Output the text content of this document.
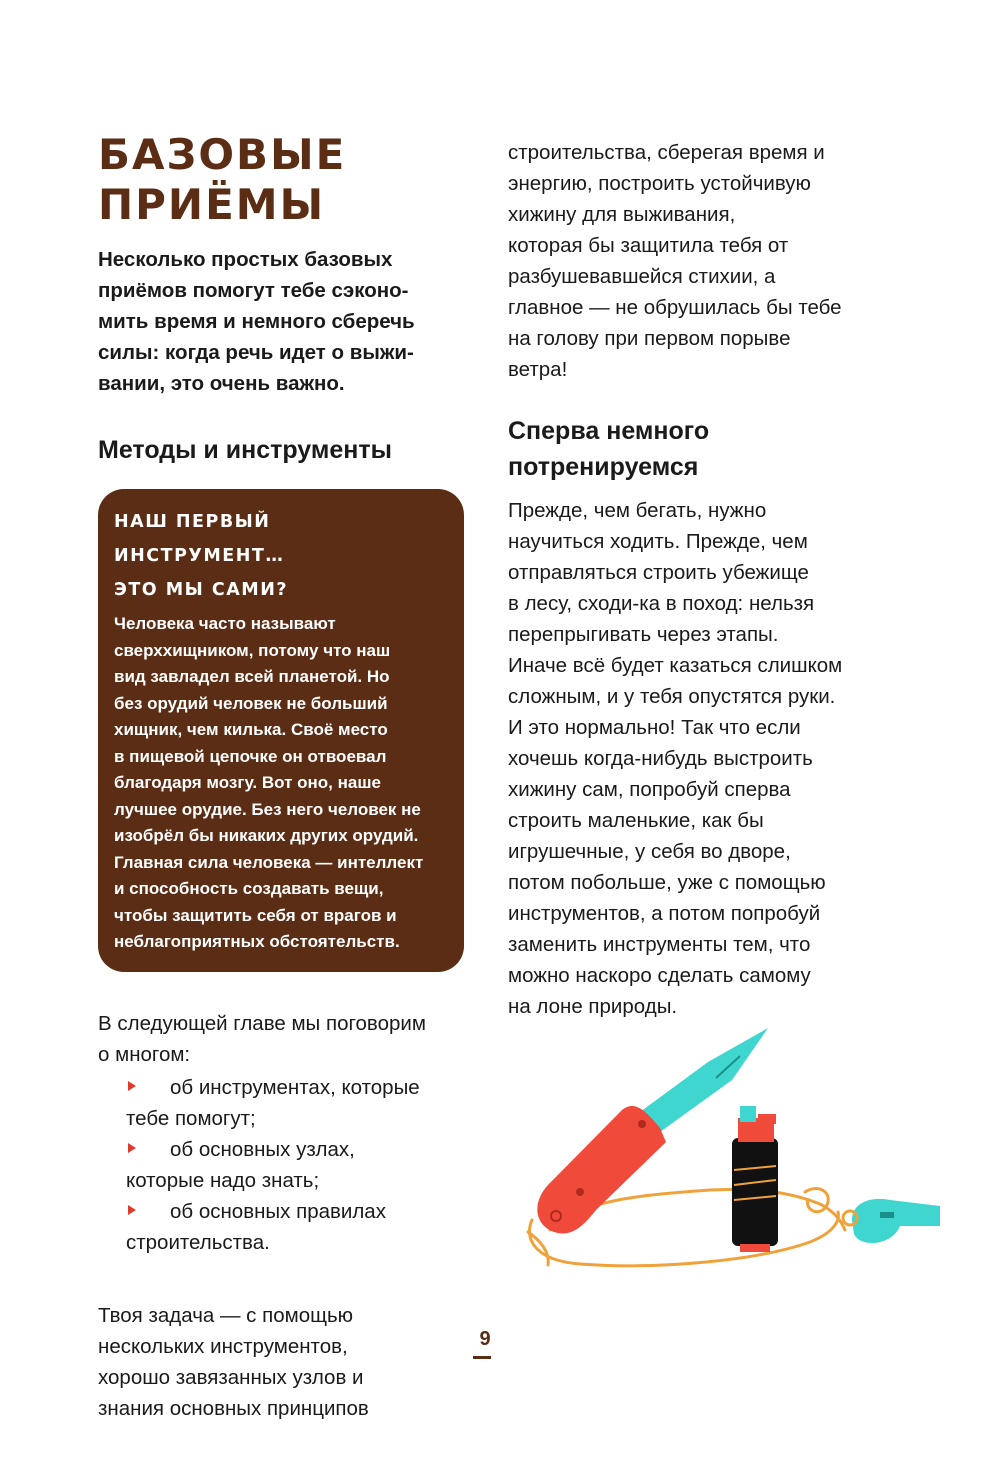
БАЗОВЫЕ ПРИЁМЫ
Несколько простых базовых
приёмов помогут тебе сэконо-
мить время и немного сберечь
силы: когда речь идет о выжи-
вании, это очень важно.
Методы и инструменты
НАШ ПЕРВЫЙ ИНСТРУМЕНТ…
ЭТО МЫ САМИ?
Человека часто называют
сверххищником, потому что наш
вид завладел всей планетой. Но
без орудий человек не больший
хищник, чем килька. Своё место
в пищевой цепочке он отвоевал
благодаря мозгу. Вот оно, наше
лучшее орудие. Без него человек не
изобрёл бы никаких других орудий.
Главная сила человека — интеллект
и способность создавать вещи,
чтобы защитить себя от врагов и
неблагоприятных обстоятельств.
В следующей главе мы поговорим
о многом:
об инструментах, которые
тебе помогут;
об основных узлах,
которые надо знать;
об основных правилах
строительства.
Твоя задача — с помощью
нескольких инструментов,
хорошо завязанных узлов и
знания основных принципов
строительства, сберегая время и
энергию, построить устойчивую
хижину для выживания,
которая бы защитила тебя от
разбушевавшейся стихии, а
главное — не обрушилась бы тебе
на голову при первом порыве
ветра!
Сперва немного
потренируемся
Прежде, чем бегать, нужно
научиться ходить. Прежде, чем
отправляться строить убежище
в лесу, сходи-ка в поход: нельзя
перепрыгивать через этапы.
Иначе всё будет казаться слишком
сложным, и у тебя опустятся руки.
И это нормально! Так что если
хочешь когда-нибудь выстроить
хижину сам, попробуй сперва
строить маленькие, как бы
игрушечные, у себя во дворе,
потом побольше, уже с помощью
инструментов, а потом попробуй
заменить инструменты тем, что
можно наскоро сделать самому
на лоне природы.
9
